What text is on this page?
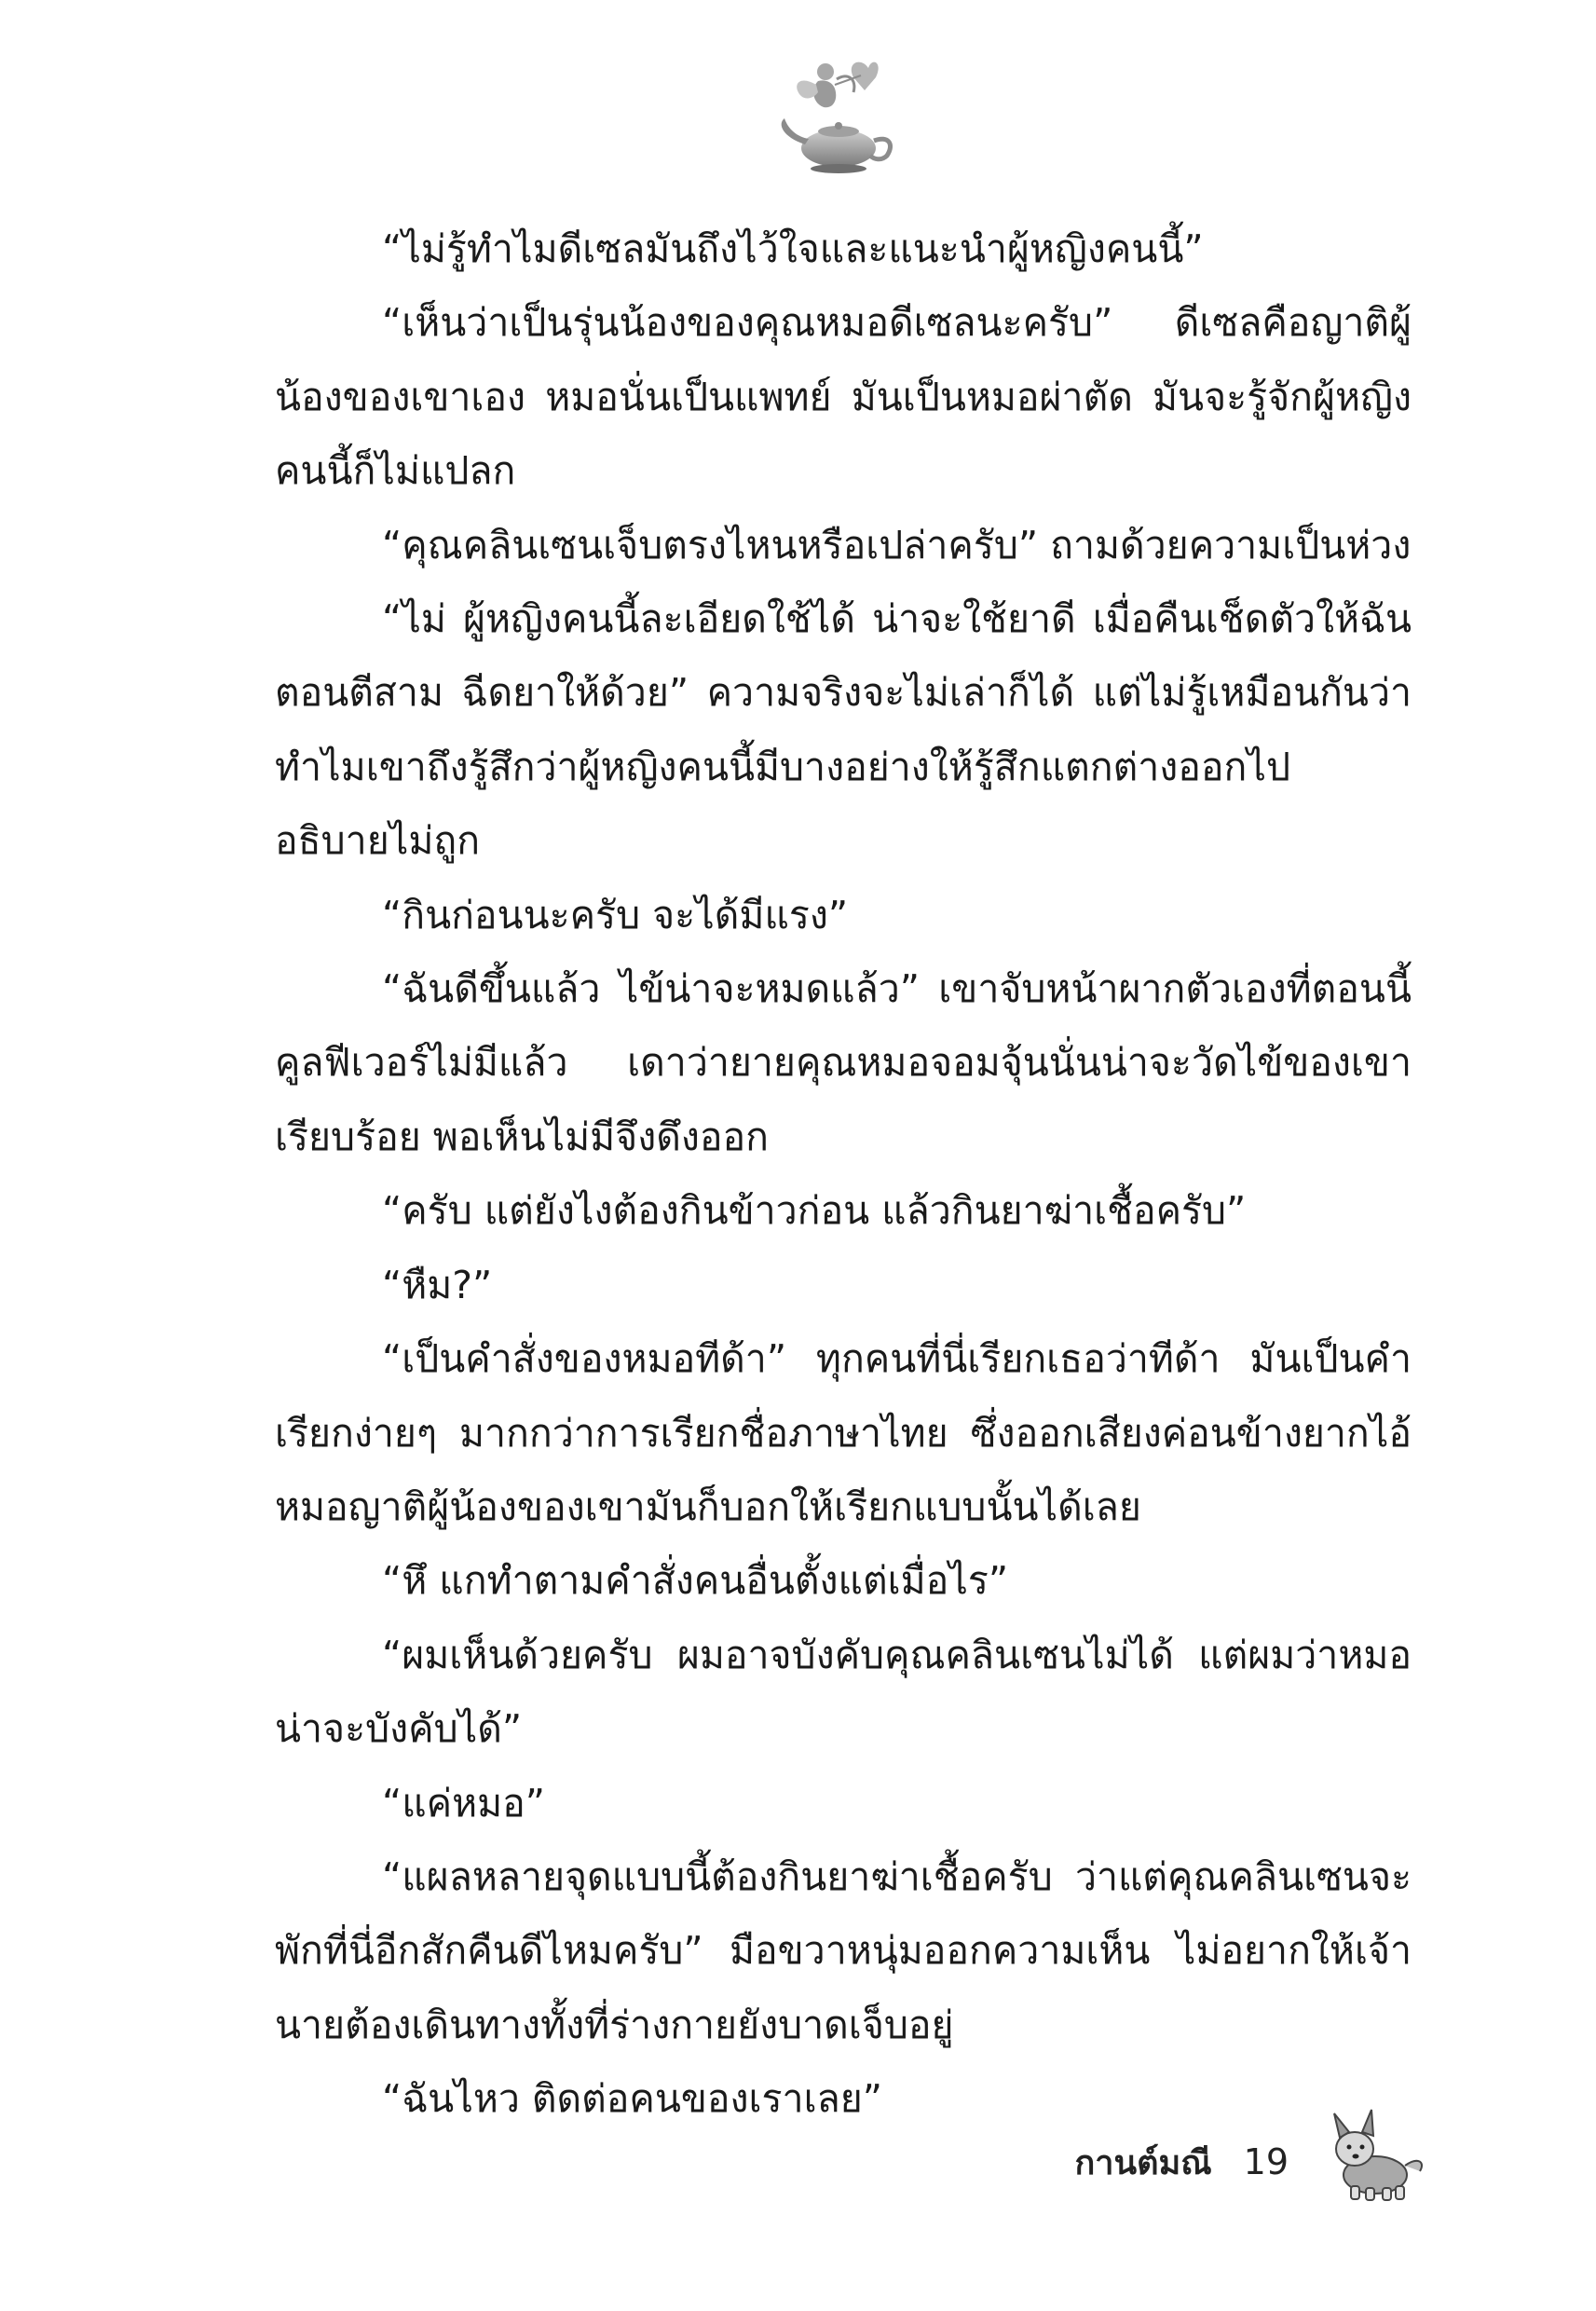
“ไม่รู้ทำไมดีเซลมันถึงไว้ใจและแนะนำผู้หญิงคนนี้”

“เห็นว่าเป็นรุ่นน้องของคุณหมอดีเซลนะครับ” ดีเซลคือญาติผู้น้องของเขาเอง หมอนั่นเป็นแพทย์ มันเป็นหมอผ่าตัด มันจะรู้จักผู้หญิงคนนี้ก็ไม่แปลก

“คุณคลินเซนเจ็บตรงไหนหรือเปล่าครับ” ถามด้วยความเป็นห่วง

“ไม่ ผู้หญิงคนนี้ละเอียดใช้ได้ น่าจะใช้ยาดี เมื่อคืนเช็ดตัวให้ฉันตอนตีสาม ฉีดยาให้ด้วย” ความจริงจะไม่เล่าก็ได้ แต่ไม่รู้เหมือนกันว่าทำไมเขาถึงรู้สึกว่าผู้หญิงคนนี้มีบางอย่างให้รู้สึกแตกต่างออกไป อธิบายไม่ถูก

“กินก่อนนะครับ จะได้มีแรง”

“ฉันดีขึ้นแล้ว ไข้น่าจะหมดแล้ว” เขาจับหน้าผากตัวเองที่ตอนนี้คูลฟีเวอร์ไม่มีแล้ว เดาว่ายายคุณหมอจอมจุ้นนั่นน่าจะวัดไข้ของเขาเรียบร้อย พอเห็นไม่มีจึงดึงออก

“ครับ แต่ยังไงต้องกินข้าวก่อน แล้วกินยาฆ่าเชื้อครับ”

“หืม?”

“เป็นคำสั่งของหมอทีด้า” ทุกคนที่นี่เรียกเธอว่าทีด้า มันเป็นคำเรียกง่ายๆ มากกว่าการเรียกชื่อภาษาไทย ซึ่งออกเสียงค่อนข้างยากไอ้หมอญาติผู้น้องของเขามันก็บอกให้เรียกแบบนั้นได้เลย

“หึ แกทำตามคำสั่งคนอื่นตั้งแต่เมื่อไร”

“ผมเห็นด้วยครับ ผมอาจบังคับคุณคลินเซนไม่ได้ แต่ผมว่าหมอน่าจะบังคับได้”

“แค่หมอ”

“แผลหลายจุดแบบนี้ต้องกินยาฆ่าเชื้อครับ ว่าแต่คุณคลินเซนจะพักที่นี่อีกสักคืนดีไหมครับ” มือขวาหนุ่มออกความเห็น ไม่อยากให้เจ้านายต้องเดินทางทั้งที่ร่างกายยังบาดเจ็บอยู่

“ฉันไหว ติดต่อคนของเราเลย”

กานต์มณี 19
